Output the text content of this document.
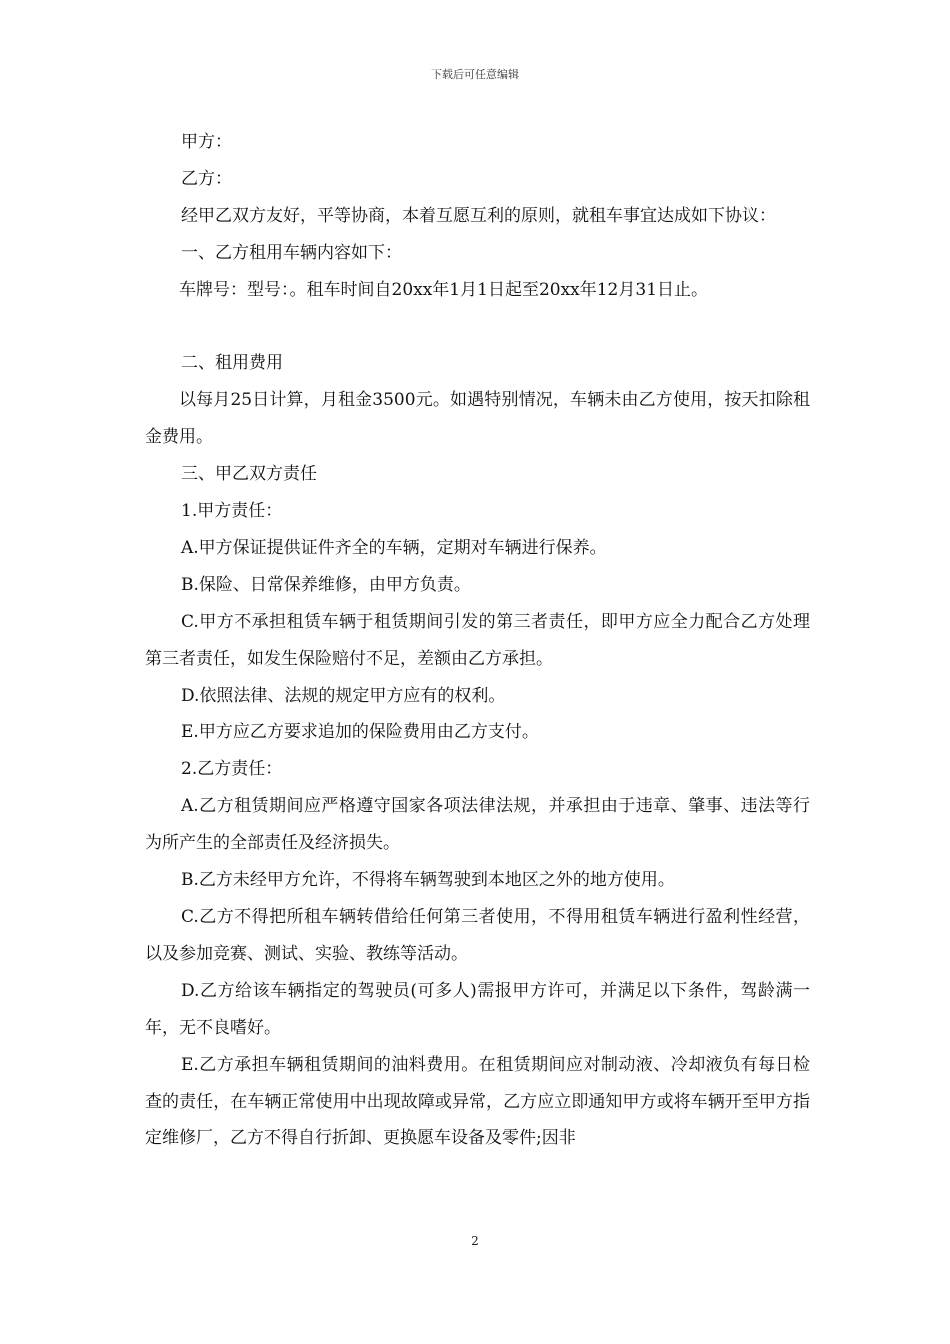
下载后可任意编辑

甲方：

乙方：

经甲乙双方友好，平等协商，本着互愿互利的原则，就租车事宜达成如下协议：

一、乙方租用车辆内容如下：

车牌号：型号：。租车时间自20xx年1月1日起至20xx年12月31日止。

二、租用费用

以每月25日计算，月租金3500元。如遇特别情况，车辆未由乙方使用，按天扣除租金费用。

三、甲乙双方责任

1.甲方责任：

A.甲方保证提供证件齐全的车辆，定期对车辆进行保养。

B.保险、日常保养维修，由甲方负责。

C.甲方不承担租赁车辆于租赁期间引发的第三者责任，即甲方应全力配合乙方处理第三者责任，如发生保险赔付不足，差额由乙方承担。

D.依照法律、法规的规定甲方应有的权利。

E.甲方应乙方要求追加的保险费用由乙方支付。

2.乙方责任：

A.乙方租赁期间应严格遵守国家各项法律法规，并承担由于违章、肇事、违法等行为所产生的全部责任及经济损失。

B.乙方未经甲方允许，不得将车辆驾驶到本地区之外的地方使用。

C.乙方不得把所租车辆转借给任何第三者使用，不得用租赁车辆进行盈利性经营，以及参加竞赛、测试、实验、教练等活动。

D.乙方给该车辆指定的驾驶员(可多人)需报甲方许可，并满足以下条件，驾龄满一年，无不良嗜好。

E.乙方承担车辆租赁期间的油料费用。在租赁期间应对制动液、冷却液负有每日检查的责任，在车辆正常使用中出现故障或异常，乙方应立即通知甲方或将车辆开至甲方指定维修厂，乙方不得自行折卸、更换愿车设备及零件;因非

2
